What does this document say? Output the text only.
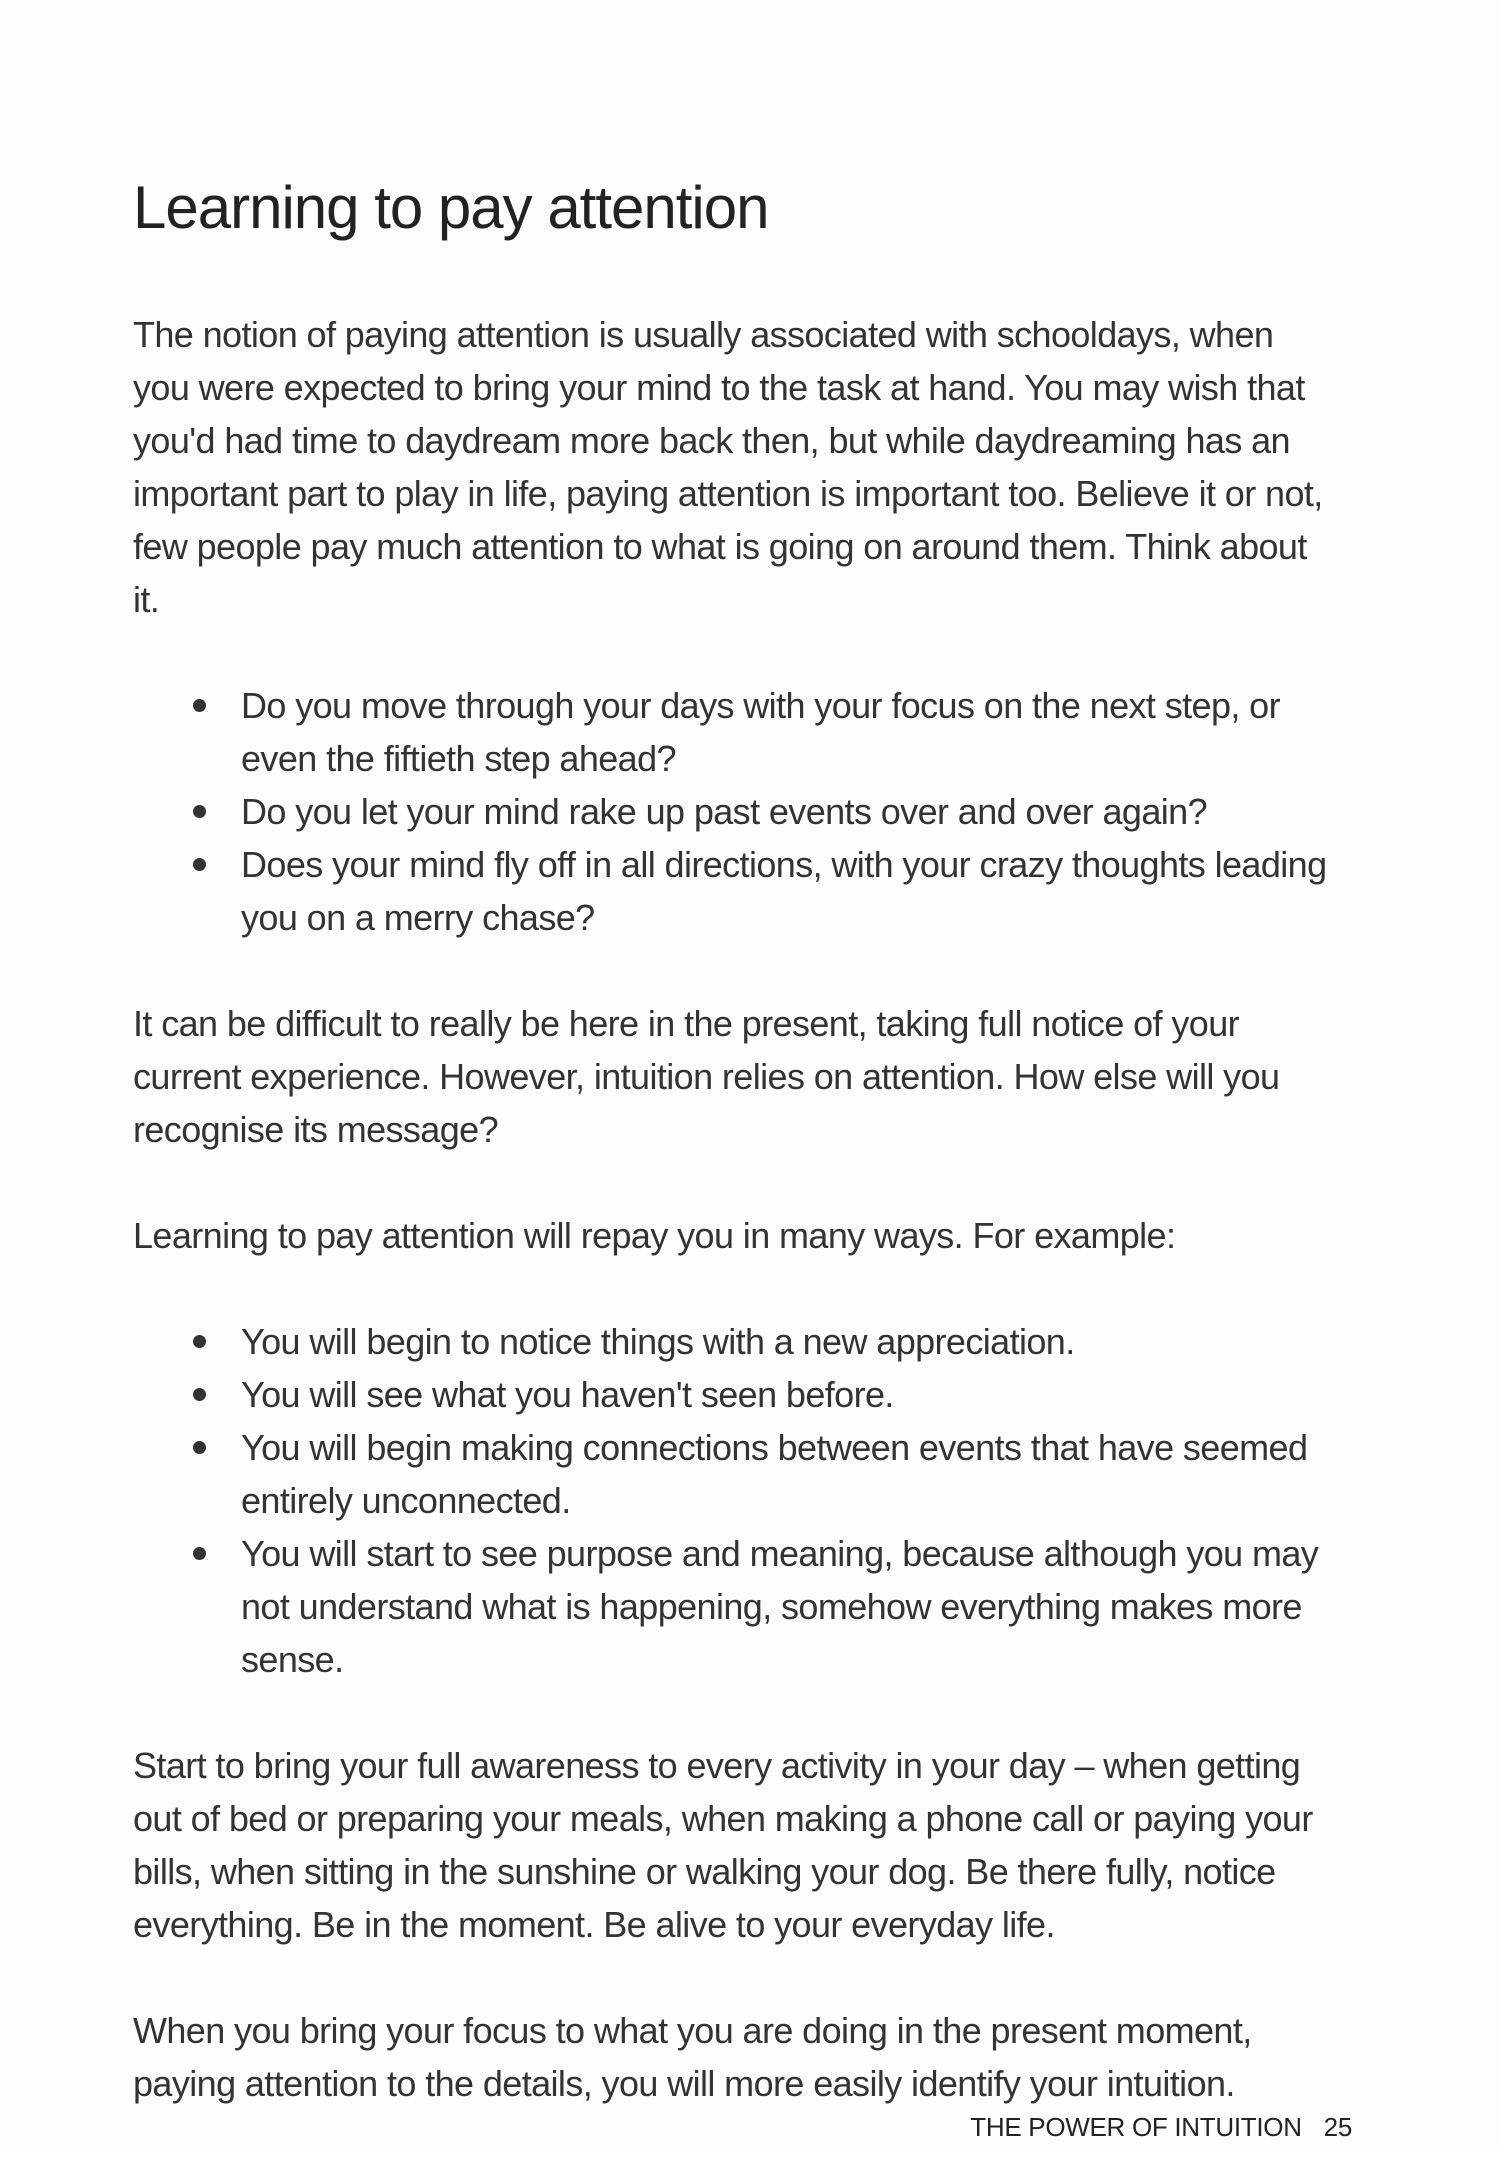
Learning to pay attention

The notion of paying attention is usually associated with schooldays, when you were expected to bring your mind to the task at hand. You may wish that you'd had time to daydream more back then, but while daydreaming has an important part to play in life, paying attention is important too. Believe it or not, few people pay much attention to what is going on around them. Think about it.

Do you move through your days with your focus on the next step, or even the fiftieth step ahead?
Do you let your mind rake up past events over and over again?
Does your mind fly off in all directions, with your crazy thoughts leading you on a merry chase?

It can be difficult to really be here in the present, taking full notice of your current experience. However, intuition relies on attention. How else will you recognise its message?

Learning to pay attention will repay you in many ways. For example:

You will begin to notice things with a new appreciation.
You will see what you haven't seen before.
You will begin making connections between events that have seemed entirely unconnected.
You will start to see purpose and meaning, because although you may not understand what is happening, somehow everything makes more sense.

Start to bring your full awareness to every activity in your day – when getting out of bed or preparing your meals, when making a phone call or paying your bills, when sitting in the sunshine or walking your dog. Be there fully, notice everything. Be in the moment. Be alive to your everyday life.

When you bring your focus to what you are doing in the present moment, paying attention to the details, you will more easily identify your intuition.

THE POWER OF INTUITION 25
